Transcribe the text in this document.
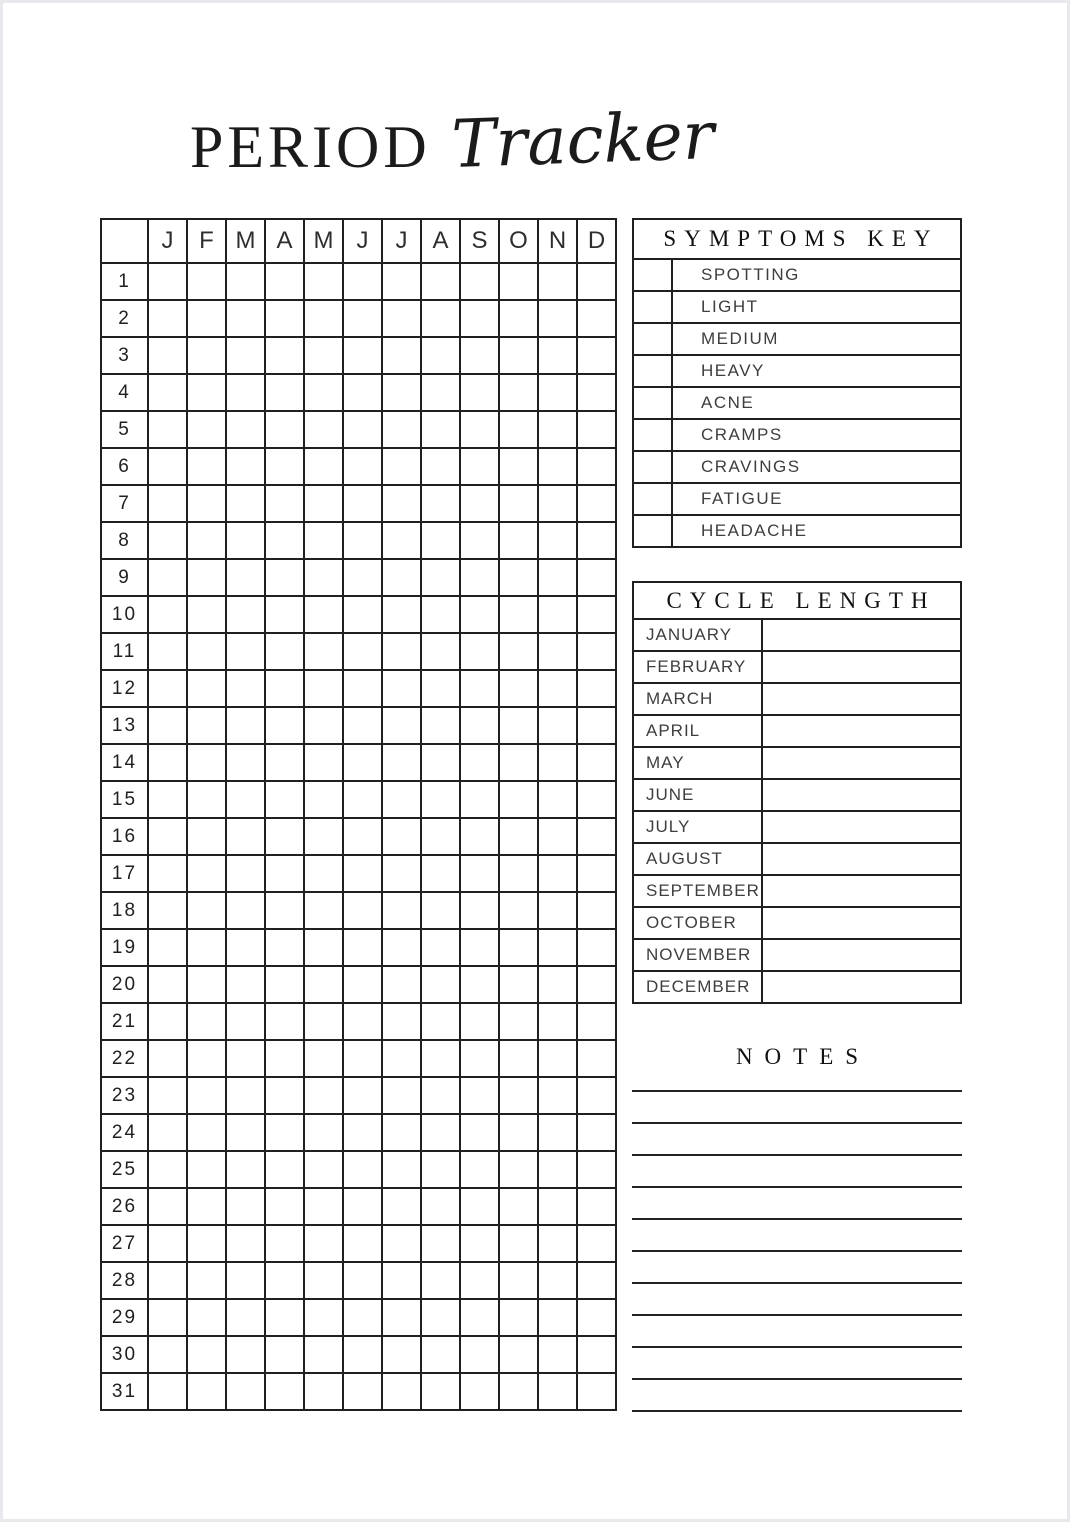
PERIOD Tracker
	J	F	M	A	M	J	J	A	S	O	N	D
1												
2												
3												
4												
5												
6												
7												
8												
9												
10												
11												
12												
13												
14												
15												
16												
17												
18												
19												
20												
21												
22												
23												
24												
25												
26												
27												
28												
29												
30												
31												
SYMPTOMS KEY
SPOTTING
LIGHT
MEDIUM
HEAVY
ACNE
CRAMPS
CRAVINGS
FATIGUE
HEADACHE
CYCLE LENGTH
JANUARY
FEBRUARY
MARCH
APRIL
MAY
JUNE
JULY
AUGUST
SEPTEMBER
OCTOBER
NOVEMBER
DECEMBER
NOTES
